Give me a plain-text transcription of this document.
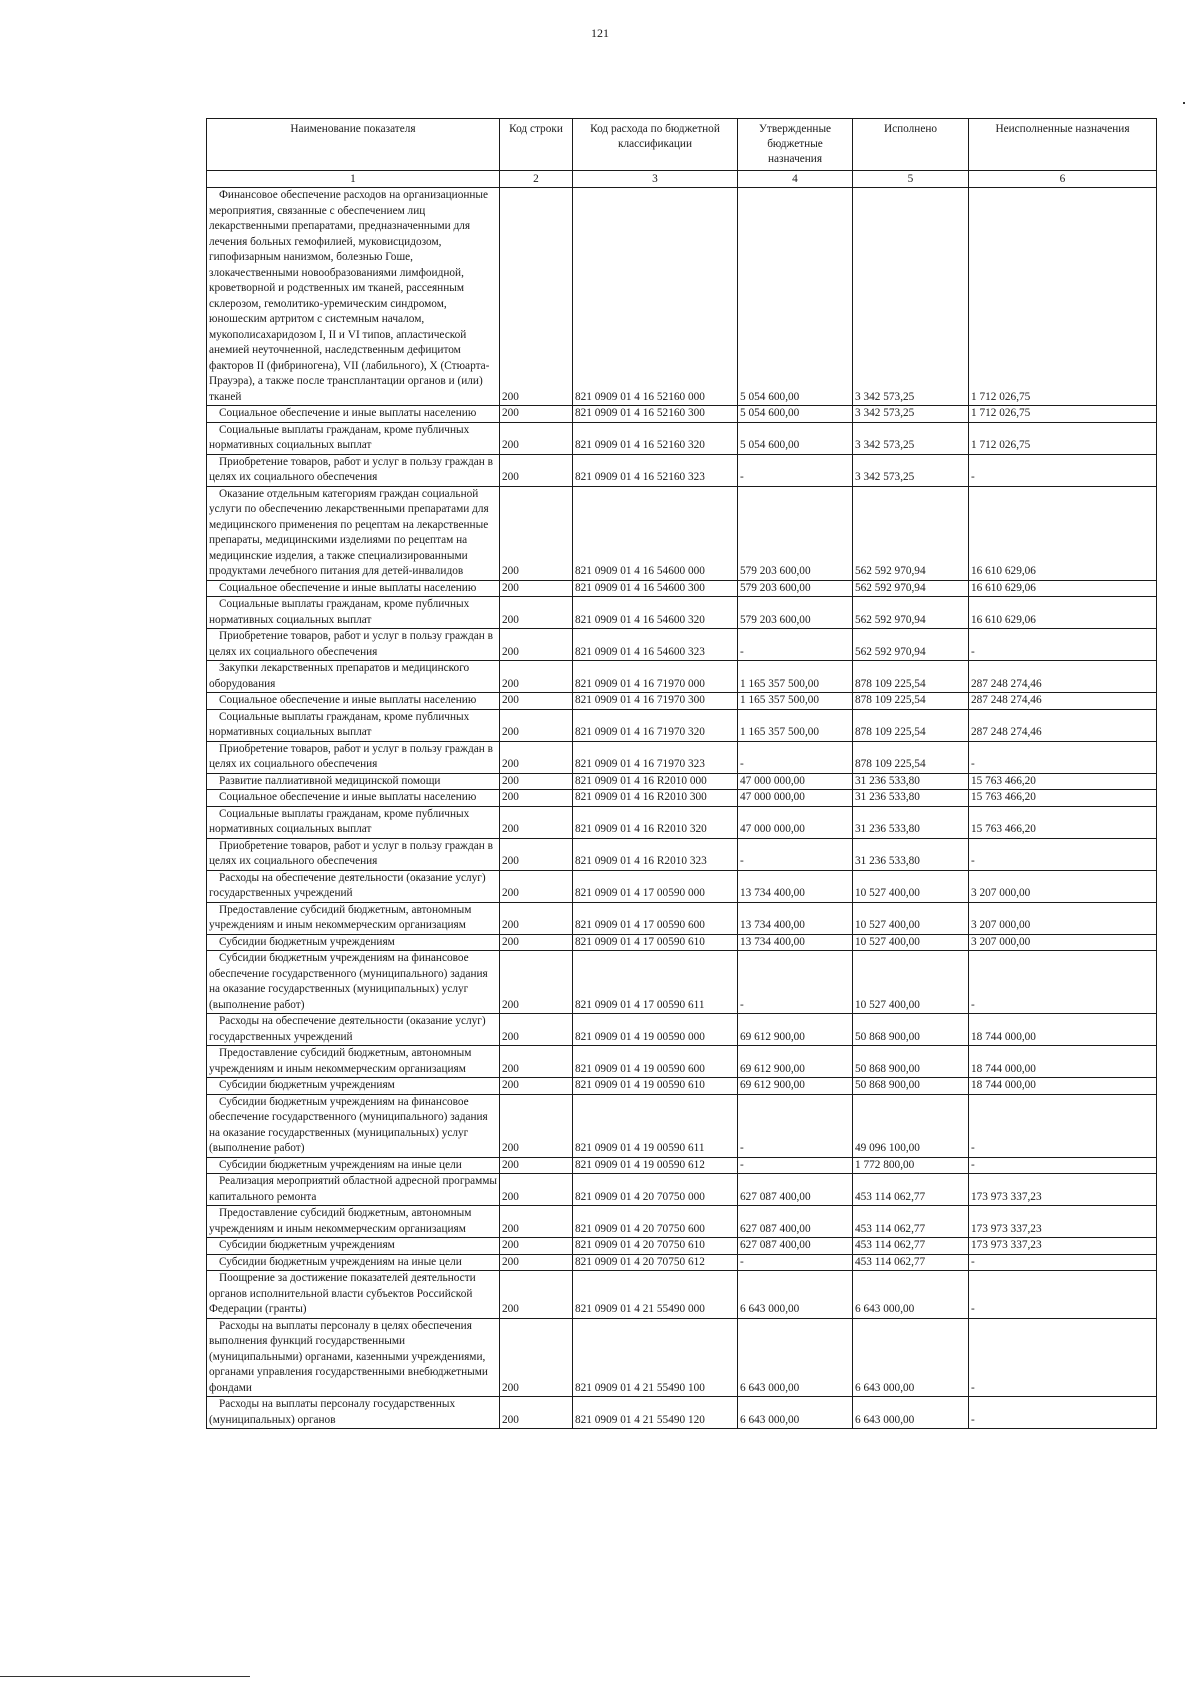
121
Наименование показателя	Код строки	Код расхода по бюджетной классификации	Утвержденные бюджетные назначения	Исполнено	Неисполненные назначения
1	2	3	4	5	6

Финансовое обеспечение расходов на организационные мероприятия, связанные с обеспечением лиц лекарственными препаратами, предназначенными для лечения больных гемофилией, муковисцидозом, гипофизарным нанизмом, болезнью Гоше, злокачественными новообразованиями лимфоидной, кроветворной и родственных им тканей, рассеянным склерозом, гемолитико-уремическим синдромом, юношеским артритом с системным началом, мукополисахаридозом I, II и VI типов, апластической анемией неуточненной, наследственным дефицитом факторов II (фибриногена), VII (лабильного), X (Стюарта-Прауэра), а также после трансплантации органов и (или) тканей	200	821 0909 01 4 16 52160 000	5 054 600,00	3 342 573,25	1 712 026,75

Социальное обеспечение и иные выплаты населению	200	821 0909 01 4 16 52160 300	5 054 600,00	3 342 573,25	1 712 026,75

Социальные выплаты гражданам, кроме публичных нормативных социальных выплат	200	821 0909 01 4 16 52160 320	5 054 600,00	3 342 573,25	1 712 026,75

Приобретение товаров, работ и услуг в пользу граждан в целях их социального обеспечения	200	821 0909 01 4 16 52160 323	-	3 342 573,25	-

Оказание отдельным категориям граждан социальной услуги по обеспечению лекарственными препаратами для медицинского применения по рецептам на лекарственные препараты, медицинскими изделиями по рецептам на медицинские изделия, а также специализированными продуктами лечебного питания для детей-инвалидов	200	821 0909 01 4 16 54600 000	579 203 600,00	562 592 970,94	16 610 629,06

Социальное обеспечение и иные выплаты населению	200	821 0909 01 4 16 54600 300	579 203 600,00	562 592 970,94	16 610 629,06

Социальные выплаты гражданам, кроме публичных нормативных социальных выплат	200	821 0909 01 4 16 54600 320	579 203 600,00	562 592 970,94	16 610 629,06

Приобретение товаров, работ и услуг в пользу граждан в целях их социального обеспечения	200	821 0909 01 4 16 54600 323	-	562 592 970,94	-

Закупки лекарственных препаратов и медицинского оборудования	200	821 0909 01 4 16 71970 000	1 165 357 500,00	878 109 225,54	287 248 274,46

Социальное обеспечение и иные выплаты населению	200	821 0909 01 4 16 71970 300	1 165 357 500,00	878 109 225,54	287 248 274,46

Социальные выплаты гражданам, кроме публичных нормативных социальных выплат	200	821 0909 01 4 16 71970 320	1 165 357 500,00	878 109 225,54	287 248 274,46

Приобретение товаров, работ и услуг в пользу граждан в целях их социального обеспечения	200	821 0909 01 4 16 71970 323	-	878 109 225,54	-

Развитие паллиативной медицинской помощи	200	821 0909 01 4 16 R2010 000	47 000 000,00	31 236 533,80	15 763 466,20

Социальное обеспечение и иные выплаты населению	200	821 0909 01 4 16 R2010 300	47 000 000,00	31 236 533,80	15 763 466,20

Социальные выплаты гражданам, кроме публичных нормативных социальных выплат	200	821 0909 01 4 16 R2010 320	47 000 000,00	31 236 533,80	15 763 466,20

Приобретение товаров, работ и услуг в пользу граждан в целях их социального обеспечения	200	821 0909 01 4 16 R2010 323	-	31 236 533,80	-

Расходы на обеспечение деятельности (оказание услуг) государственных учреждений	200	821 0909 01 4 17 00590 000	13 734 400,00	10 527 400,00	3 207 000,00

Предоставление субсидий бюджетным, автономным учреждениям и иным некоммерческим организациям	200	821 0909 01 4 17 00590 600	13 734 400,00	10 527 400,00	3 207 000,00

Субсидии бюджетным учреждениям	200	821 0909 01 4 17 00590 610	13 734 400,00	10 527 400,00	3 207 000,00

Субсидии бюджетным учреждениям на финансовое обеспечение государственного (муниципального) задания на оказание государственных (муниципальных) услуг (выполнение работ)	200	821 0909 01 4 17 00590 611	-	10 527 400,00	-

Расходы на обеспечение деятельности (оказание услуг) государственных учреждений	200	821 0909 01 4 19 00590 000	69 612 900,00	50 868 900,00	18 744 000,00

Предоставление субсидий бюджетным, автономным учреждениям и иным некоммерческим организациям	200	821 0909 01 4 19 00590 600	69 612 900,00	50 868 900,00	18 744 000,00

Субсидии бюджетным учреждениям	200	821 0909 01 4 19 00590 610	69 612 900,00	50 868 900,00	18 744 000,00

Субсидии бюджетным учреждениям на финансовое обеспечение государственного (муниципального) задания на оказание государственных (муниципальных) услуг (выполнение работ)	200	821 0909 01 4 19 00590 611	-	49 096 100,00	-

Субсидии бюджетным учреждениям на иные цели	200	821 0909 01 4 19 00590 612	-	1 772 800,00	-

Реализация мероприятий областной адресной программы капитального ремонта	200	821 0909 01 4 20 70750 000	627 087 400,00	453 114 062,77	173 973 337,23

Предоставление субсидий бюджетным, автономным учреждениям и иным некоммерческим организациям	200	821 0909 01 4 20 70750 600	627 087 400,00	453 114 062,77	173 973 337,23

Субсидии бюджетным учреждениям	200	821 0909 01 4 20 70750 610	627 087 400,00	453 114 062,77	173 973 337,23

Субсидии бюджетным учреждениям на иные цели	200	821 0909 01 4 20 70750 612	-	453 114 062,77	-

Поощрение за достижение показателей деятельности органов исполнительной власти субъектов Российской Федерации (гранты)	200	821 0909 01 4 21 55490 000	6 643 000,00	6 643 000,00	-

Расходы на выплаты персоналу в целях обеспечения выполнения функций государственными (муниципальными) органами, казенными учреждениями, органами управления государственными внебюджетными фондами	200	821 0909 01 4 21 55490 100	6 643 000,00	6 643 000,00	-

Расходы на выплаты персоналу государственных (муниципальных) органов	200	821 0909 01 4 21 55490 120	6 643 000,00	6 643 000,00	-
